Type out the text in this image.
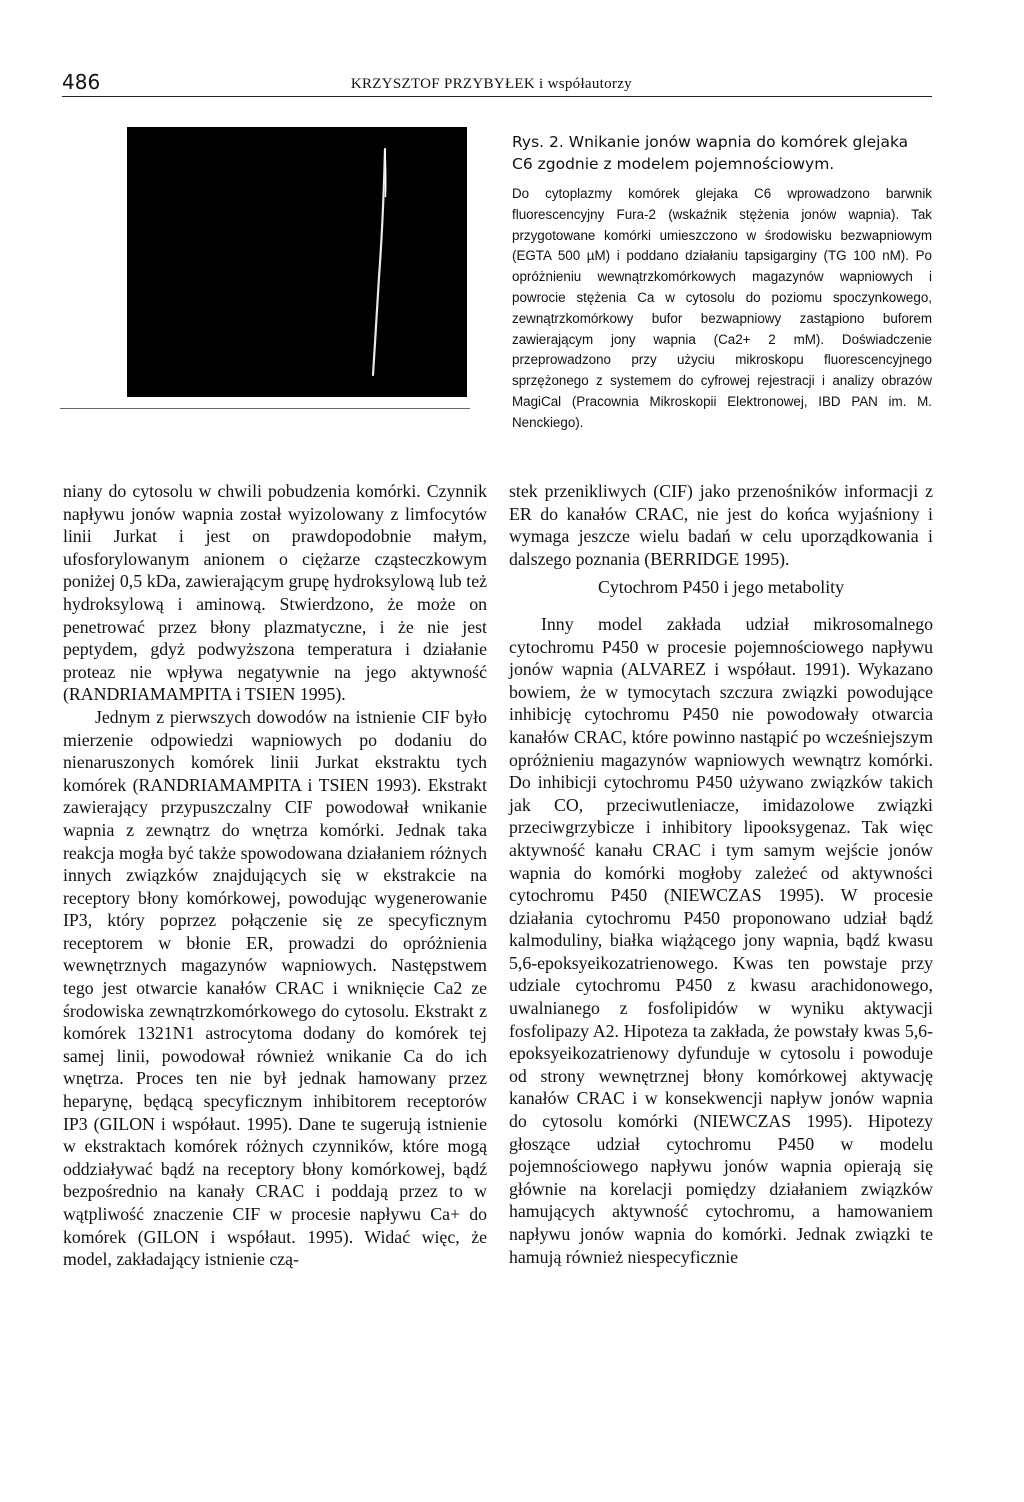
486	KRZYSZTOF PRZYBYŁEK i współautorzy
Rys. 2. Wnikanie jonów wapnia do komórek glejaka C6 zgodnie z modelem pojemnościowym.
Do cytoplazmy komórek glejaka C6 wprowadzono barwnik fluorescencyjny Fura-2 (wskaźnik stężenia jonów wapnia). Tak przygotowane komórki umieszczono w środowisku bezwapniowym (EGTA 500 µM) i poddano działaniu tapsigarginy (TG 100 nM). Po opróżnieniu wewnątrzkomórkowych magazynów wapniowych i powrocie stężenia Ca w cytosolu do poziomu spoczynkowego, zewnątrzkomórkowy bufor bezwapniowy zastąpiono buforem zawierającym jony wapnia (Ca2+ 2 mM). Doświadczenie przeprowadzono przy użyciu mikroskopu fluorescencyjnego sprzężonego z systemem do cyfrowej rejestracji i analizy obrazów MagiCal (Pracownia Mikroskopii Elektronowej, IBD PAN im. M. Nenckiego).

niany do cytosolu w chwili pobudzenia komórki. Czynnik napływu jonów wapnia został wyizolowany z limfocytów linii Jurkat i jest on prawdopodobnie małym, ufosforylowanym anionem o ciężarze cząsteczkowym poniżej 0,5 kDa, zawierającym grupę hydroksylową lub też hydroksylową i aminową. Stwierdzono, że może on penetrować przez błony plazmatyczne, i że nie jest peptydem, gdyż podwyższona temperatura i działanie proteaz nie wpływa negatywnie na jego aktywność (RANDRIAMAMPITA i TSIEN 1995).

Jednym z pierwszych dowodów na istnienie CIF było mierzenie odpowiedzi wapniowych po dodaniu do nienaruszonych komórek linii Jurkat ekstraktu tych komórek (RANDRIAMAMPITA i TSIEN 1993). Ekstrakt zawierający przypuszczalny CIF powodował wnikanie wapnia z zewnątrz do wnętrza komórki. Jednak taka reakcja mogła być także spowodowana działaniem różnych innych związków znajdujących się w ekstrakcie na receptory błony komórkowej, powodując wygenerowanie IP3, który poprzez połączenie się ze specyficznym receptorem w błonie ER, prowadzi do opróżnienia wewnętrznych magazynów wapniowych. Następstwem tego jest otwarcie kanałów CRAC i wniknięcie Ca2 ze środowiska zewnątrzkomórkowego do cytosolu. Ekstrakt z komórek 1321N1 astrocytoma dodany do komórek tej samej linii, powodował również wnikanie Ca do ich wnętrza. Proces ten nie był jednak hamowany przez heparynę, będącą specyficznym inhibitorem receptorów IP3 (GILON i współaut. 1995). Dane te sugerują istnienie w ekstraktach komórek różnych czynników, które mogą oddziaływać bądź na receptory błony komórkowej, bądź bezpośrednio na kanały CRAC i poddają przez to w wątpliwość znaczenie CIF w procesie napływu Ca+ do komórek (GILON i współaut. 1995). Widać więc, że model, zakładający istnienie czą-

stek przenikliwych (CIF) jako przenośników informacji z ER do kanałów CRAC, nie jest do końca wyjaśniony i wymaga jeszcze wielu badań w celu uporządkowania i dalszego poznania (BERRIDGE 1995).

Cytochrom P450 i jego metabolity

Inny model zakłada udział mikrosomalnego cytochromu P450 w procesie pojemnościowego napływu jonów wapnia (ALVAREZ i współaut. 1991). Wykazano bowiem, że w tymocytach szczura związki powodujące inhibicję cytochromu P450 nie powodowały otwarcia kanałów CRAC, które powinno nastąpić po wcześniejszym opróżnieniu magazynów wapniowych wewnątrz komórki. Do inhibicji cytochromu P450 używano związków takich jak CO, przeciwutleniacze, imidazolowe związki przeciwgrzybicze i inhibitory lipooksygenaz. Tak więc aktywność kanału CRAC i tym samym wejście jonów wapnia do komórki mogłoby zależeć od aktywności cytochromu P450 (NIEWCZAS 1995). W procesie działania cytochromu P450 proponowano udział bądź kalmoduliny, białka wiążącego jony wapnia, bądź kwasu 5,6-epoksyeikozatrienowego. Kwas ten powstaje przy udziale cytochromu P450 z kwasu arachidonowego, uwalnianego z fosfolipidów w wyniku aktywacji fosfolipazy A2. Hipoteza ta zakłada, że powstały kwas 5,6-epoksyeikozatrienowy dyfunduje w cytosolu i powoduje od strony wewnętrznej błony komórkowej aktywację kanałów CRAC i w konsekwencji napływ jonów wapnia do cytosolu komórki (NIEWCZAS 1995). Hipotezy głoszące udział cytochromu P450 w modelu pojemnościowego napływu jonów wapnia opierają się głównie na korelacji pomiędzy działaniem związków hamujących aktywność cytochromu, a hamowaniem napływu jonów wapnia do komórki. Jednak związki te hamują również niespecyficznie
